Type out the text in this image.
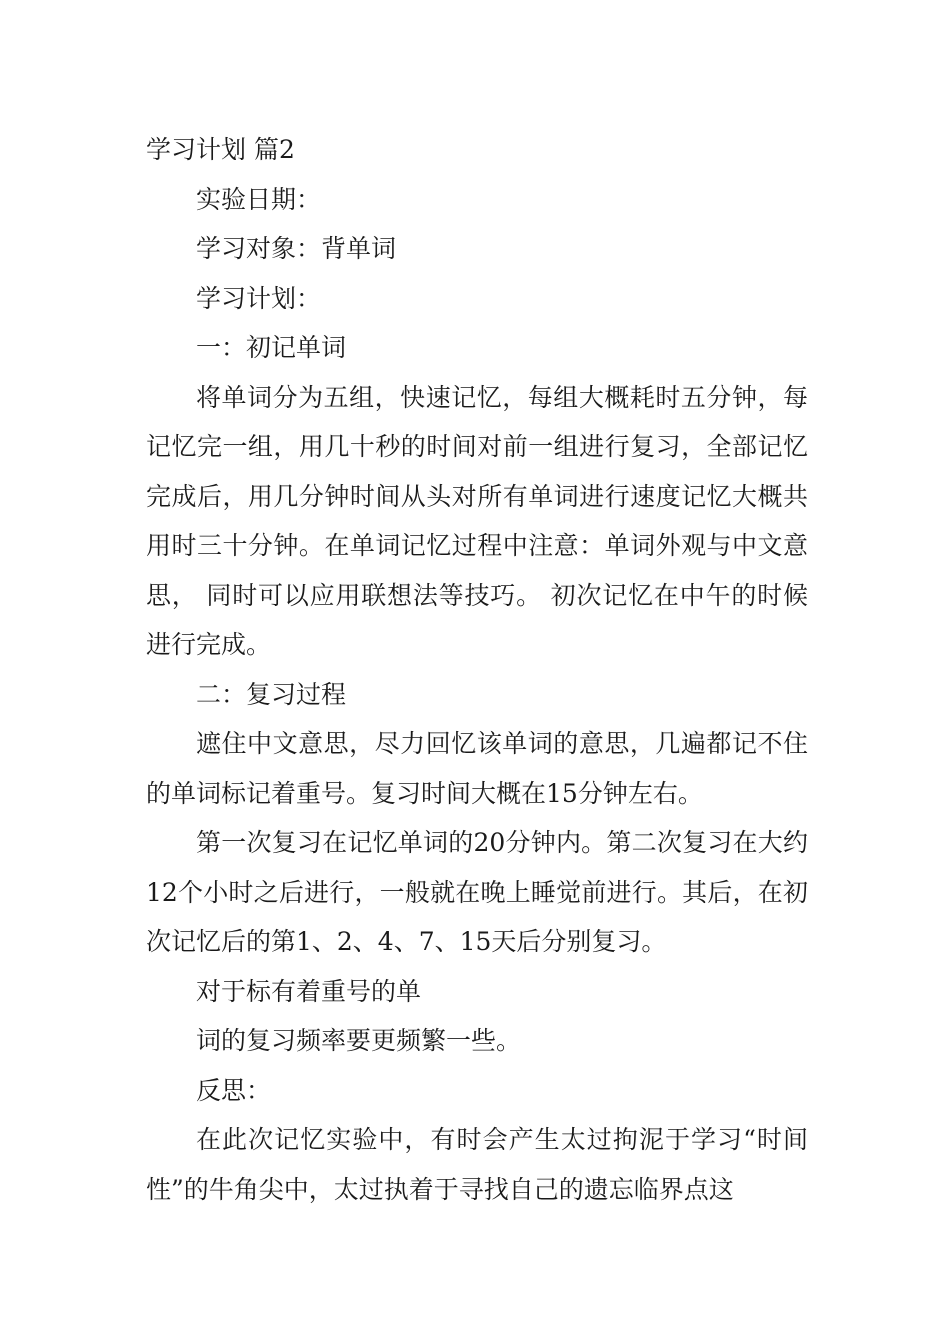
学习计划 篇2

实验日期：

学习对象：背单词

学习计划：

一：初记单词

将单词分为五组，快速记忆，每组大概耗时五分钟，每记忆完一组，用几十秒的时间对前一组进行复习，全部记忆完成后，用几分钟时间从头对所有单词进行速度记忆大概共用时三十分钟。在单词记忆过程中注意：单词外观与中文意思， 同时可以应用联想法等技巧。 初次记忆在中午的时候进行完成。

二：复习过程

遮住中文意思，尽力回忆该单词的意思，几遍都记不住的单词标记着重号。复习时间大概在15分钟左右。

第一次复习在记忆单词的20分钟内。第二次复习在大约12个小时之后进行，一般就在晚上睡觉前进行。其后，在初次记忆后的第1、2、4、7、15天后分别复习。

对于标有着重号的单

词的复习频率要更频繁一些。

反思：

在此次记忆实验中，有时会产生太过拘泥于学习“时间性”的牛角尖中，太过执着于寻找自己的遗忘临界点这
